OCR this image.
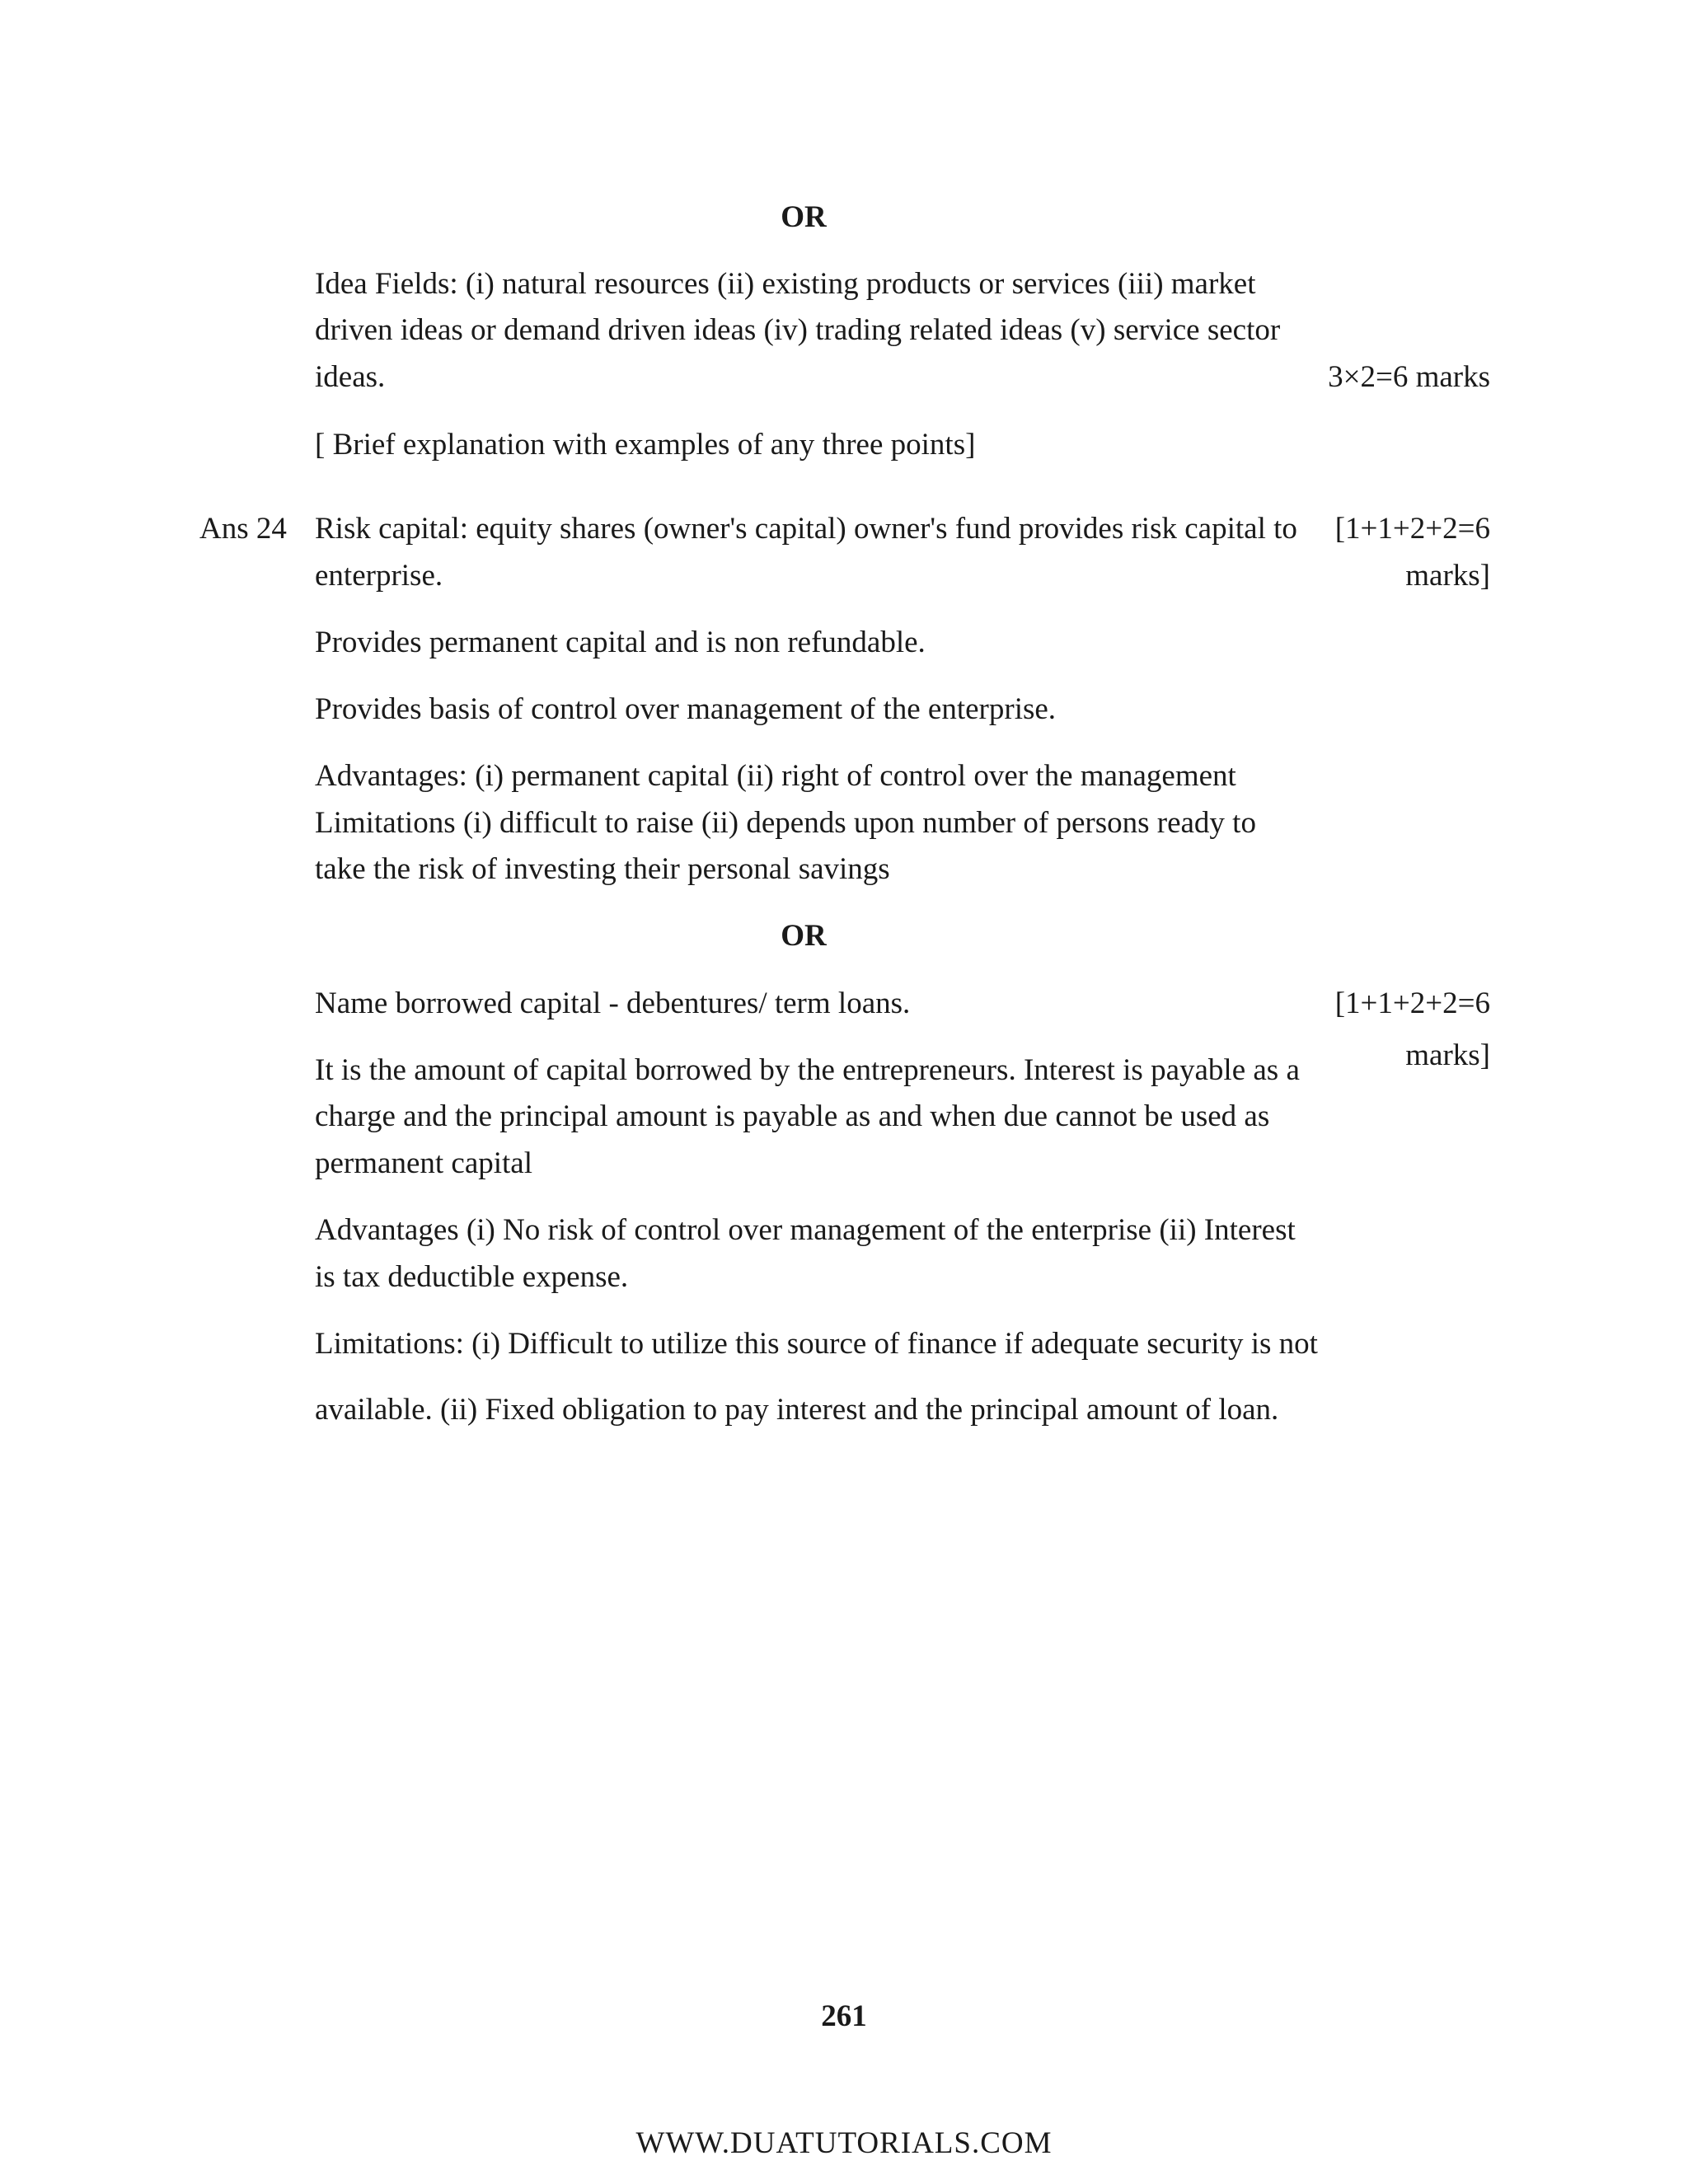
OR
Idea Fields: (i) natural resources (ii) existing products or services (iii) market
driven ideas or demand driven ideas (iv) trading related ideas (v) service sector
ideas.	3×2=6 marks
[ Brief explanation with examples of any three points]
Ans 24 Risk capital: equity shares (owner's capital) owner's fund provides risk capital to [1+1+2+2=6
enterprise.	marks]
Provides permanent capital and is non refundable.
Provides basis of control over management of the enterprise.
Advantages: (i) permanent capital (ii) right of control over the management
Limitations (i) difficult to raise (ii) depends upon number of persons ready to
take the risk of investing their personal savings
OR
Name borrowed capital - debentures/ term loans.	[1+1+2+2=6
marks]
It is the amount of capital borrowed by the entrepreneurs. Interest is payable as a
charge and the principal amount is payable as and when due cannot be used as
permanent capital
Advantages (i) No risk of control over management of the enterprise (ii) Interest
is tax deductible expense.
Limitations: (i) Difficult to utilize this source of finance if adequate security is not
available. (ii) Fixed obligation to pay interest and the principal amount of loan.
261
WWW.DUATUTORIALS.COM
